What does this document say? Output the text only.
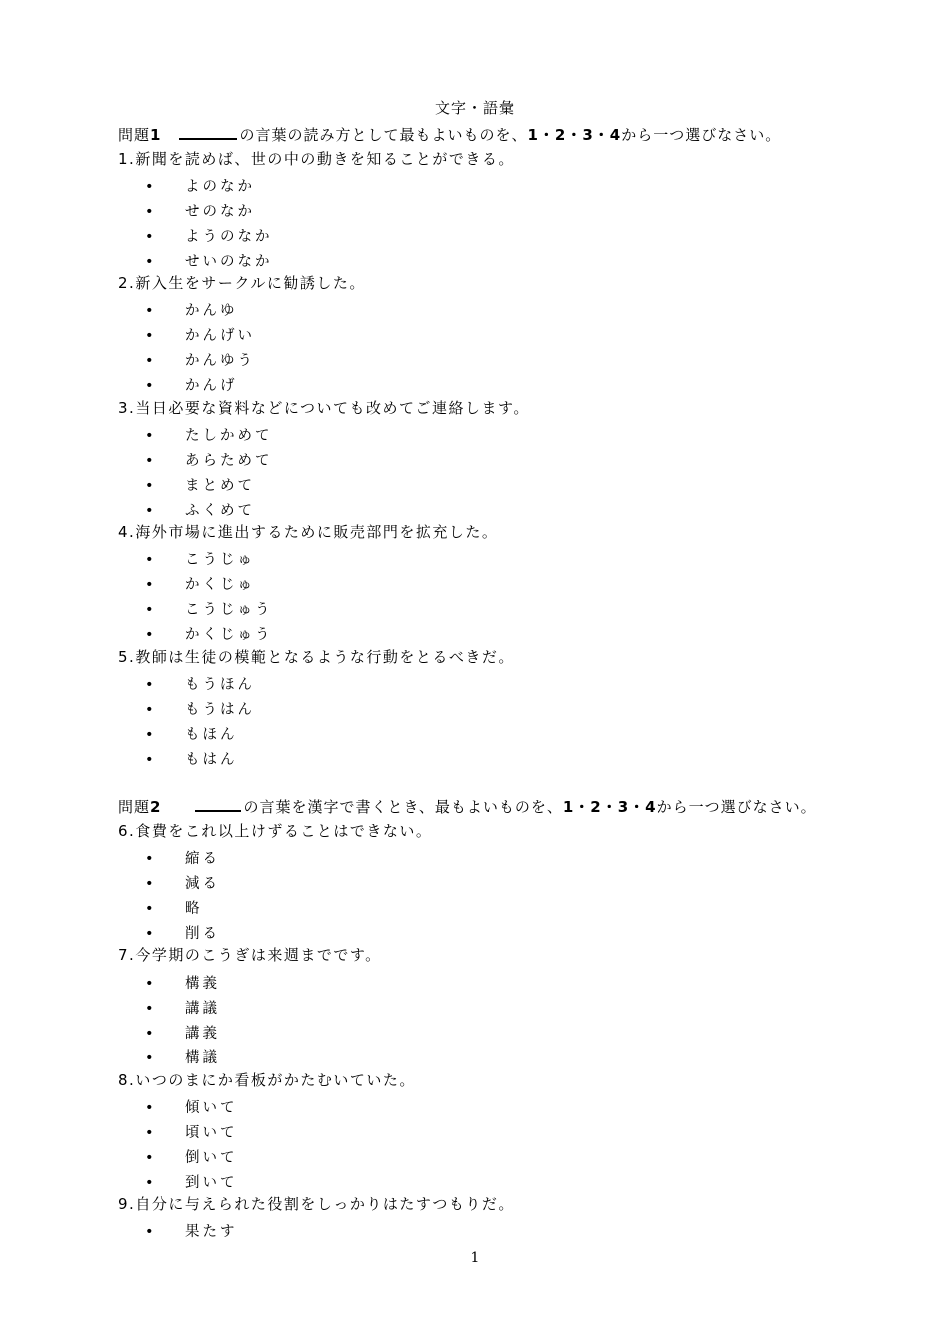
文字・語彙
問題1	の言葉の読み方として最もよいものを、1・2・3・4から一つ選びなさい。
問題2	の言葉を漢字で書くとき、最もよいものを、1・2・3・4から一つ選びなさい。
1.新聞を読めば、世の中の動きを知ることができる。
• よのなか
• せのなか
• ようのなか
• せいのなか
2.新入生をサークルに勧誘した。
• かんゆ
• かんげい
• かんゆう
• かんげ
3.当日必要な資料などについても改めてご連絡します。
• たしかめて
• あらためて
• まとめて
• ふくめて
4.海外市場に進出するために販売部門を拡充した。
• こうじゅ
• かくじゅ
• こうじゅう
• かくじゅう
5.教師は生徒の模範となるような行動をとるべきだ。
• もうほん
• もうはん
• もほん
• もはん
6.食費をこれ以上けずることはできない。
• 縮る
• 減る
• 略
• 削る
7.今学期のこうぎは来週までです。
• 構義
• 講議
• 講義
• 構議
8.いつのまにか看板がかたむいていた。
• 傾いて
• 頃いて
• 倒いて
• 到いて
9.自分に与えられた役割をしっかりはたすつもりだ。
• 果たす
1
